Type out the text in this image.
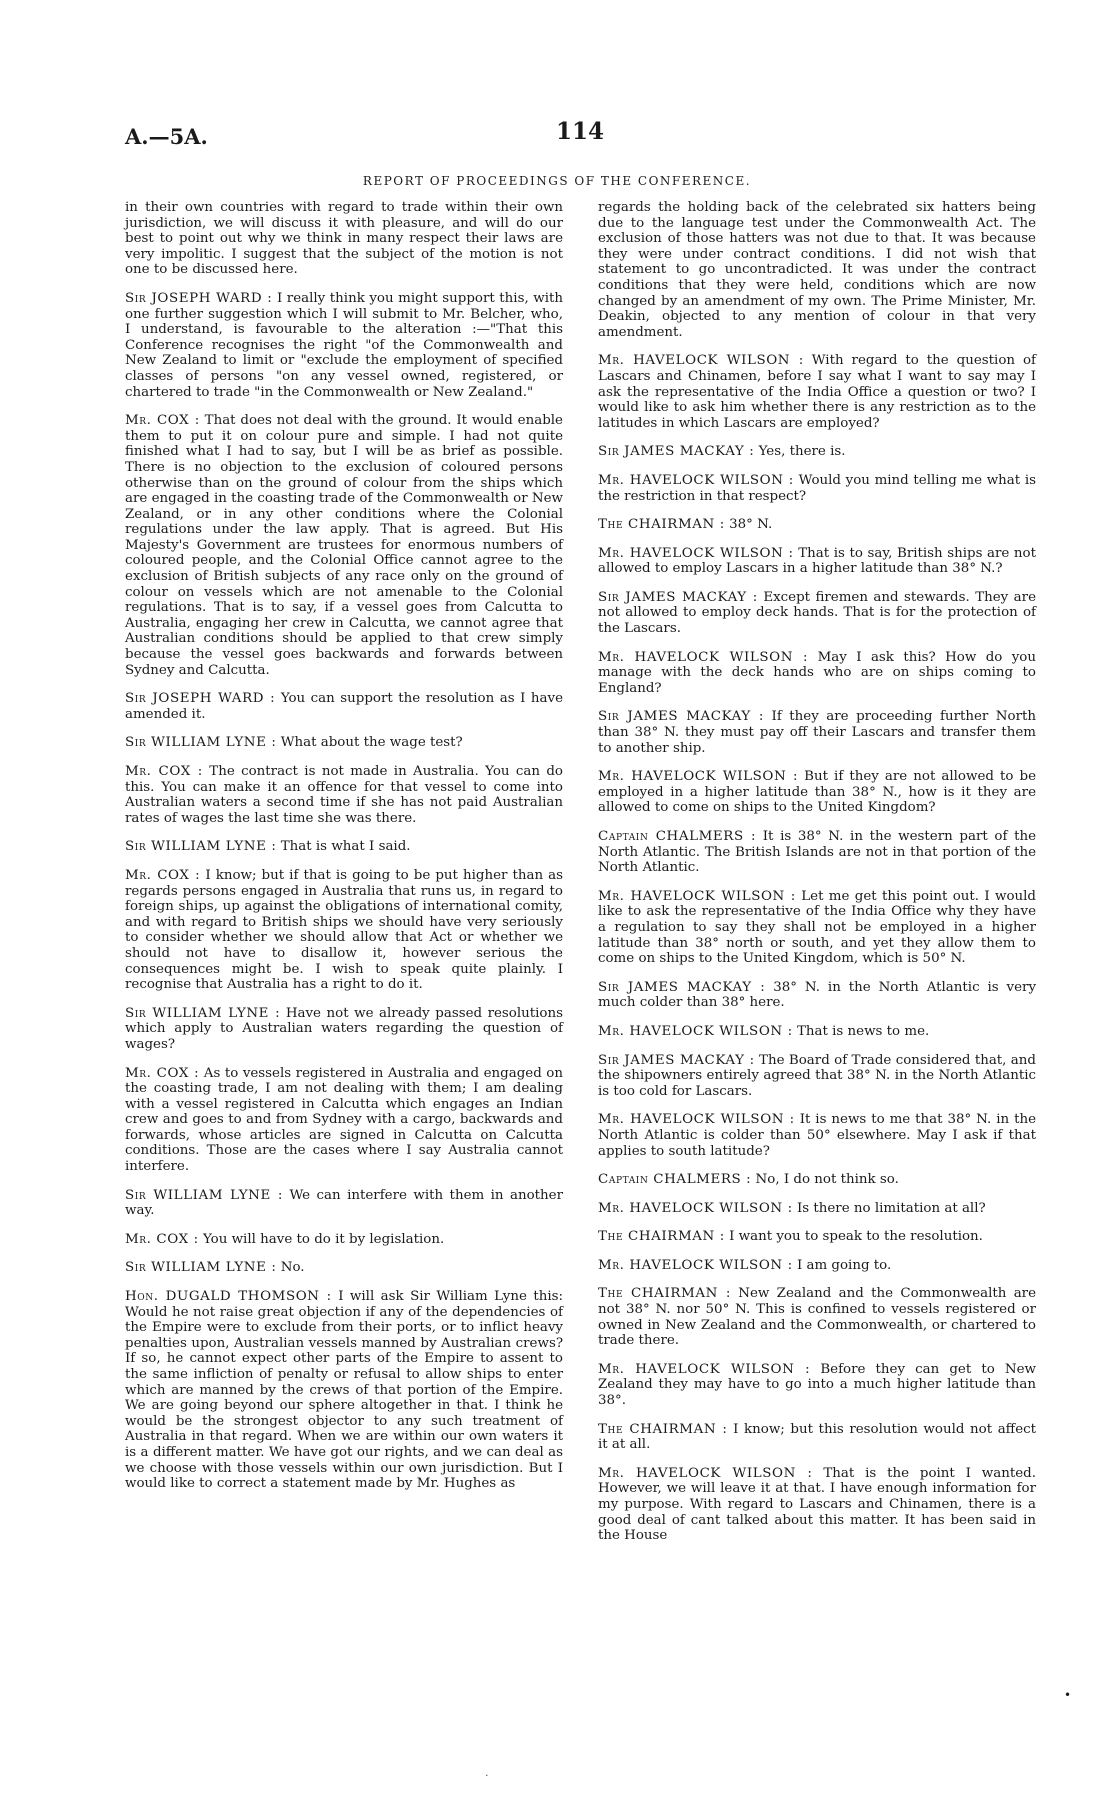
A.—5A.	114
REPORT OF PROCEEDINGS OF THE CONFERENCE.

in their own countries with regard to trade within their own jurisdiction, we will discuss it with pleasure, and will do our best to point out why we think in many respect their laws are very impolitic. I suggest that the subject of the motion is not one to be discussed here.

Sir JOSEPH WARD : I really think you might support this, with one further suggestion which I will submit to Mr. Belcher, who, I understand, is favourable to the alteration :—"That this Conference recognises the right "of the Commonwealth and New Zealand to limit or "exclude the employment of specified classes of persons "on any vessel owned, registered, or chartered to trade "in the Commonwealth or New Zealand."

Mr. COX : That does not deal with the ground. It would enable them to put it on colour pure and simple. I had not quite finished what I had to say, but I will be as brief as possible. There is no objection to the exclusion of coloured persons otherwise than on the ground of colour from the ships which are engaged in the coasting trade of the Commonwealth or New Zealand, or in any other conditions where the Colonial regulations under the law apply. That is agreed. But His Majesty's Government are trustees for enormous numbers of coloured people, and the Colonial Office cannot agree to the exclusion of British subjects of any race only on the ground of colour on vessels which are not amenable to the Colonial regulations. That is to say, if a vessel goes from Calcutta to Australia, engaging her crew in Calcutta, we cannot agree that Australian conditions should be applied to that crew simply because the vessel goes backwards and forwards between Sydney and Calcutta.

Sir JOSEPH WARD : You can support the resolution as I have amended it.

Sir WILLIAM LYNE : What about the wage test?

Mr. COX : The contract is not made in Australia. You can do this. You can make it an offence for that vessel to come into Australian waters a second time if she has not paid Australian rates of wages the last time she was there.

Sir WILLIAM LYNE : That is what I said.

Mr. COX : I know; but if that is going to be put higher than as regards persons engaged in Australia that runs us, in regard to foreign ships, up against the obligations of international comity, and with regard to British ships we should have very seriously to consider whether we should allow that Act or whether we should not have to disallow it, however serious the consequences might be. I wish to speak quite plainly. I recognise that Australia has a right to do it.

Sir WILLIAM LYNE : Have not we already passed resolutions which apply to Australian waters regarding the question of wages?

Mr. COX : As to vessels registered in Australia and engaged on the coasting trade, I am not dealing with them; I am dealing with a vessel registered in Calcutta which engages an Indian crew and goes to and from Sydney with a cargo, backwards and forwards, whose articles are signed in Calcutta on Calcutta conditions. Those are the cases where I say Australia cannot interfere.

Sir WILLIAM LYNE : We can interfere with them in another way.

Mr. COX : You will have to do it by legislation.

Sir WILLIAM LYNE : No.

Hon. DUGALD THOMSON : I will ask Sir William Lyne this: Would he not raise great objection if any of the dependencies of the Empire were to exclude from their ports, or to inflict heavy penalties upon, Australian vessels manned by Australian crews? If so, he cannot expect other parts of the Empire to assent to the same infliction of penalty or refusal to allow ships to enter which are manned by the crews of that portion of the Empire. We are going beyond our sphere altogether in that. I think he would be the strongest objector to any such treatment of Australia in that regard. When we are within our own waters it is a different matter. We have got our rights, and we can deal as we choose with those vessels within our own jurisdiction. But I would like to correct a statement made by Mr. Hughes as

regards the holding back of the celebrated six hatters being due to the language test under the Commonwealth Act. The exclusion of those hatters was not due to that. It was because they were under contract conditions. I did not wish that statement to go uncontradicted. It was under the contract conditions that they were held, conditions which are now changed by an amendment of my own. The Prime Minister, Mr. Deakin, objected to any mention of colour in that very amendment.

Mr. HAVELOCK WILSON : With regard to the question of Lascars and Chinamen, before I say what I want to say may I ask the representative of the India Office a question or two? I would like to ask him whether there is any restriction as to the latitudes in which Lascars are employed?

Sir JAMES MACKAY : Yes, there is.

Mr. HAVELOCK WILSON : Would you mind telling me what is the restriction in that respect?

The CHAIRMAN : 38° N.

Mr. HAVELOCK WILSON : That is to say, British ships are not allowed to employ Lascars in a higher latitude than 38° N.?

Sir JAMES MACKAY : Except firemen and stewards. They are not allowed to employ deck hands. That is for the protection of the Lascars.

Mr. HAVELOCK WILSON : May I ask this? How do you manage with the deck hands who are on ships coming to England?

Sir JAMES MACKAY : If they are proceeding further North than 38° N. they must pay off their Lascars and transfer them to another ship.

Mr. HAVELOCK WILSON : But if they are not allowed to be employed in a higher latitude than 38° N., how is it they are allowed to come on ships to the United Kingdom?

Captain CHALMERS : It is 38° N. in the western part of the North Atlantic. The British Islands are not in that portion of the North Atlantic.

Mr. HAVELOCK WILSON : Let me get this point out. I would like to ask the representative of the India Office why they have a regulation to say they shall not be employed in a higher latitude than 38° north or south, and yet they allow them to come on ships to the United Kingdom, which is 50° N.

Sir JAMES MACKAY : 38° N. in the North Atlantic is very much colder than 38° here.

Mr. HAVELOCK WILSON : That is news to me.

Sir JAMES MACKAY : The Board of Trade considered that, and the shipowners entirely agreed that 38° N. in the North Atlantic is too cold for Lascars.

Mr. HAVELOCK WILSON : It is news to me that 38° N. in the North Atlantic is colder than 50° elsewhere. May I ask if that applies to south latitude?

Captain CHALMERS : No, I do not think so.

Mr. HAVELOCK WILSON : Is there no limitation at all?

The CHAIRMAN : I want you to speak to the resolution.

Mr. HAVELOCK WILSON : I am going to.

The CHAIRMAN : New Zealand and the Commonwealth are not 38° N. nor 50° N. This is confined to vessels registered or owned in New Zealand and the Commonwealth, or chartered to trade there.

Mr. HAVELOCK WILSON : Before they can get to New Zealand they may have to go into a much higher latitude than 38°.

The CHAIRMAN : I know; but this resolution would not affect it at all.

Mr. HAVELOCK WILSON : That is the point I wanted. However, we will leave it at that. I have enough information for my purpose. With regard to Lascars and Chinamen, there is a good deal of cant talked about this matter. It has been said in the House

•
.
